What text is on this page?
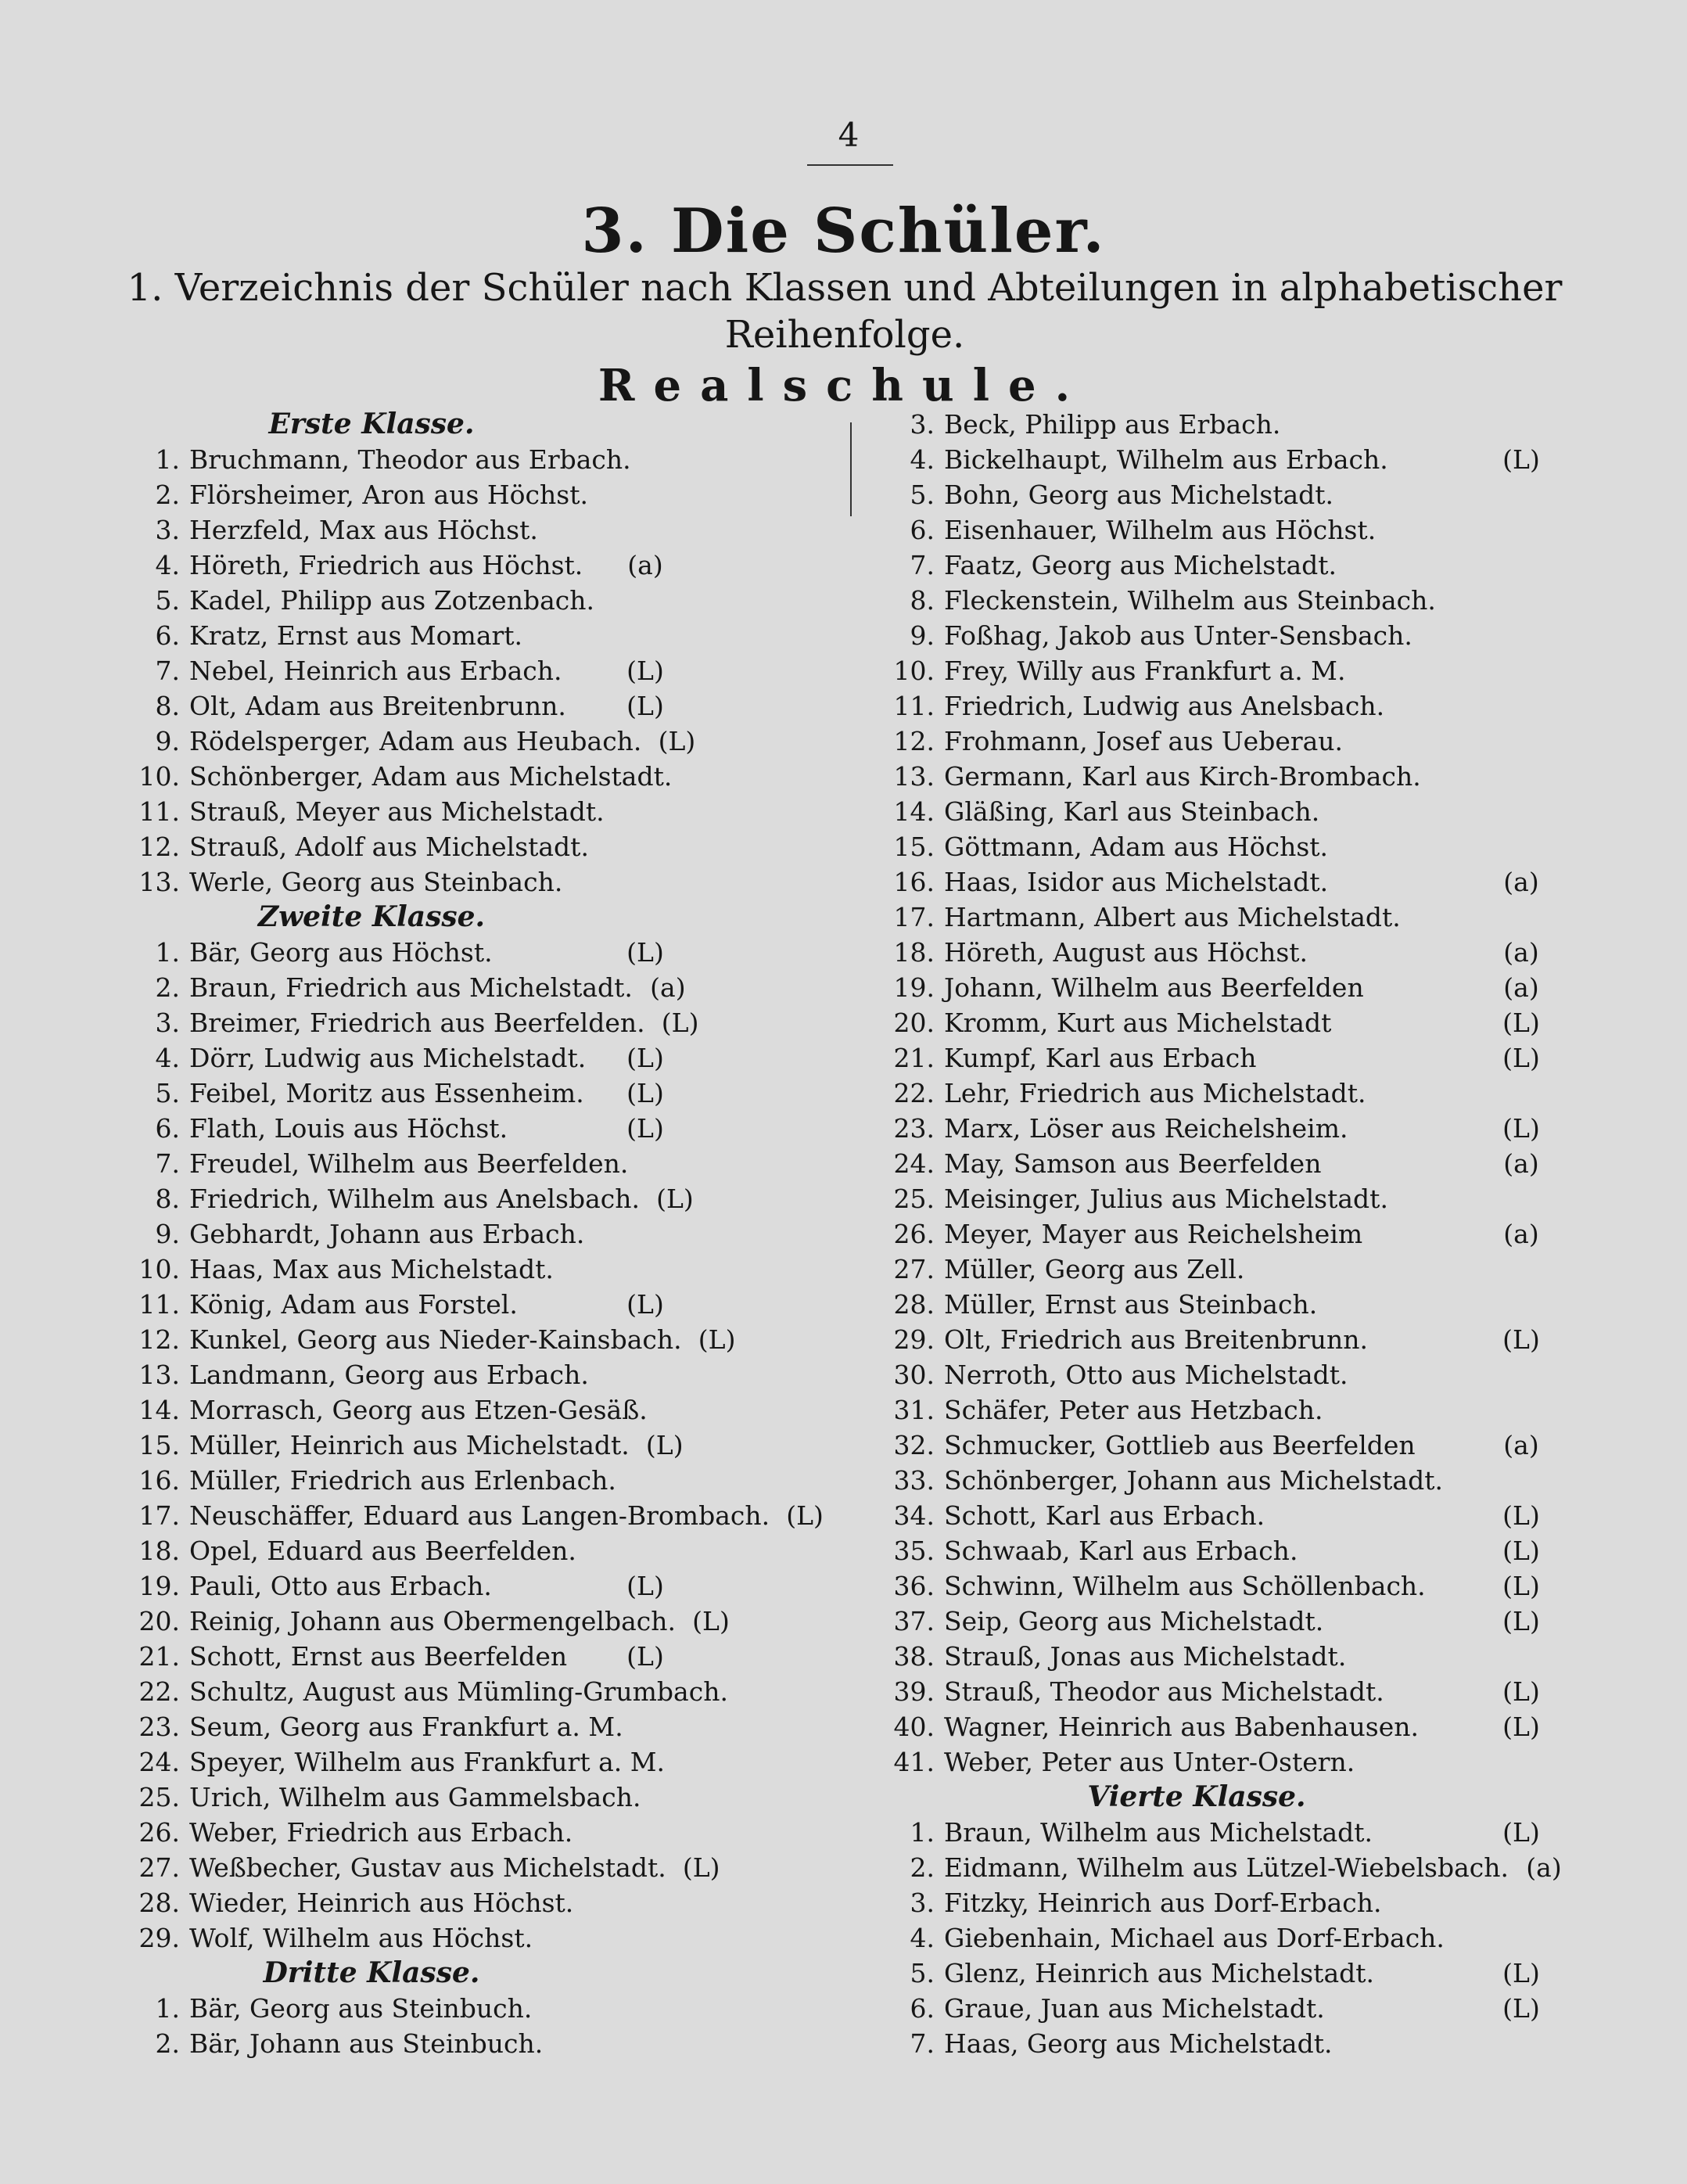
4
3. Die Schüler.
1. Verzeichnis der Schüler nach Klassen und Abteilungen in alphabetischer Reihenfolge.
Realschule.
Erste Klasse.
1. Bruchmann, Theodor aus Erbach.
2. Flörsheimer, Aron aus Höchst.
3. Herzfeld, Max aus Höchst.
4. Höreth, Friedrich aus Höchst.	(a)
5. Kadel, Philipp aus Zotzenbach.
6. Kratz, Ernst aus Momart.
7. Nebel, Heinrich aus Erbach.	(L)
8. Olt, Adam aus Breitenbrunn.	(L)
9. Rödelsperger, Adam aus Heubach. (L)
10. Schönberger, Adam aus Michelstadt.
11. Strauß, Meyer aus Michelstadt.
12. Strauß, Adolf aus Michelstadt.
13. Werle, Georg aus Steinbach.
Zweite Klasse.
1. Bär, Georg aus Höchst.	(L)
2. Braun, Friedrich aus Michelstadt. (a)
3. Breimer, Friedrich aus Beerfelden. (L)
4. Dörr, Ludwig aus Michelstadt.	(L)
5. Feibel, Moritz aus Essenheim.	(L)
6. Flath, Louis aus Höchst.	(L)
7. Freudel, Wilhelm aus Beerfelden.
8. Friedrich, Wilhelm aus Anelsbach. (L)
9. Gebhardt, Johann aus Erbach.
10. Haas, Max aus Michelstadt.
11. König, Adam aus Forstel.	(L)
12. Kunkel, Georg aus Nieder-Kainsbach. (L)
13. Landmann, Georg aus Erbach.
14. Morrasch, Georg aus Etzen-Gesäß.
15. Müller, Heinrich aus Michelstadt. (L)
16. Müller, Friedrich aus Erlenbach.
17. Neuschäffer, Eduard aus Langen-Brombach. (L)
18. Opel, Eduard aus Beerfelden.
19. Pauli, Otto aus Erbach.	(L)
20. Reinig, Johann aus Obermengelbach. (L)
21. Schott, Ernst aus Beerfelden	(L)
22. Schultz, August aus Mümling-Grumbach.
23. Seum, Georg aus Frankfurt a. M.
24. Speyer, Wilhelm aus Frankfurt a. M.
25. Urich, Wilhelm aus Gammelsbach.
26. Weber, Friedrich aus Erbach.
27. Weßbecher, Gustav aus Michelstadt. (L)
28. Wieder, Heinrich aus Höchst.
29. Wolf, Wilhelm aus Höchst.
Dritte Klasse.
1. Bär, Georg aus Steinbuch.
2. Bär, Johann aus Steinbuch.
3. Beck, Philipp aus Erbach.
4. Bickelhaupt, Wilhelm aus Erbach.	(L)
5. Bohn, Georg aus Michelstadt.
6. Eisenhauer, Wilhelm aus Höchst.
7. Faatz, Georg aus Michelstadt.
8. Fleckenstein, Wilhelm aus Steinbach.
9. Foßhag, Jakob aus Unter-Sensbach.
10. Frey, Willy aus Frankfurt a. M.
11. Friedrich, Ludwig aus Anelsbach.
12. Frohmann, Josef aus Ueberau.
13. Germann, Karl aus Kirch-Brombach.
14. Gläßing, Karl aus Steinbach.
15. Göttmann, Adam aus Höchst.
16. Haas, Isidor aus Michelstadt.	(a)
17. Hartmann, Albert aus Michelstadt.
18. Höreth, August aus Höchst.	(a)
19. Johann, Wilhelm aus Beerfelden	(a)
20. Kromm, Kurt aus Michelstadt	(L)
21. Kumpf, Karl aus Erbach	(L)
22. Lehr, Friedrich aus Michelstadt.
23. Marx, Löser aus Reichelsheim.	(L)
24. May, Samson aus Beerfelden	(a)
25. Meisinger, Julius aus Michelstadt.
26. Meyer, Mayer aus Reichelsheim	(a)
27. Müller, Georg aus Zell.
28. Müller, Ernst aus Steinbach.
29. Olt, Friedrich aus Breitenbrunn.	(L)
30. Nerroth, Otto aus Michelstadt.
31. Schäfer, Peter aus Hetzbach.
32. Schmucker, Gottlieb aus Beerfelden	(a)
33. Schönberger, Johann aus Michelstadt.
34. Schott, Karl aus Erbach.	(L)
35. Schwaab, Karl aus Erbach.	(L)
36. Schwinn, Wilhelm aus Schöllenbach.	(L)
37. Seip, Georg aus Michelstadt.	(L)
38. Strauß, Jonas aus Michelstadt.
39. Strauß, Theodor aus Michelstadt.	(L)
40. Wagner, Heinrich aus Babenhausen.	(L)
41. Weber, Peter aus Unter-Ostern.
Vierte Klasse.
1. Braun, Wilhelm aus Michelstadt.	(L)
2. Eidmann, Wilhelm aus Lützel-Wiebelsbach. (a)
3. Fitzky, Heinrich aus Dorf-Erbach.
4. Giebenhain, Michael aus Dorf-Erbach.
5. Glenz, Heinrich aus Michelstadt.	(L)
6. Graue, Juan aus Michelstadt.	(L)
7. Haas, Georg aus Michelstadt.
